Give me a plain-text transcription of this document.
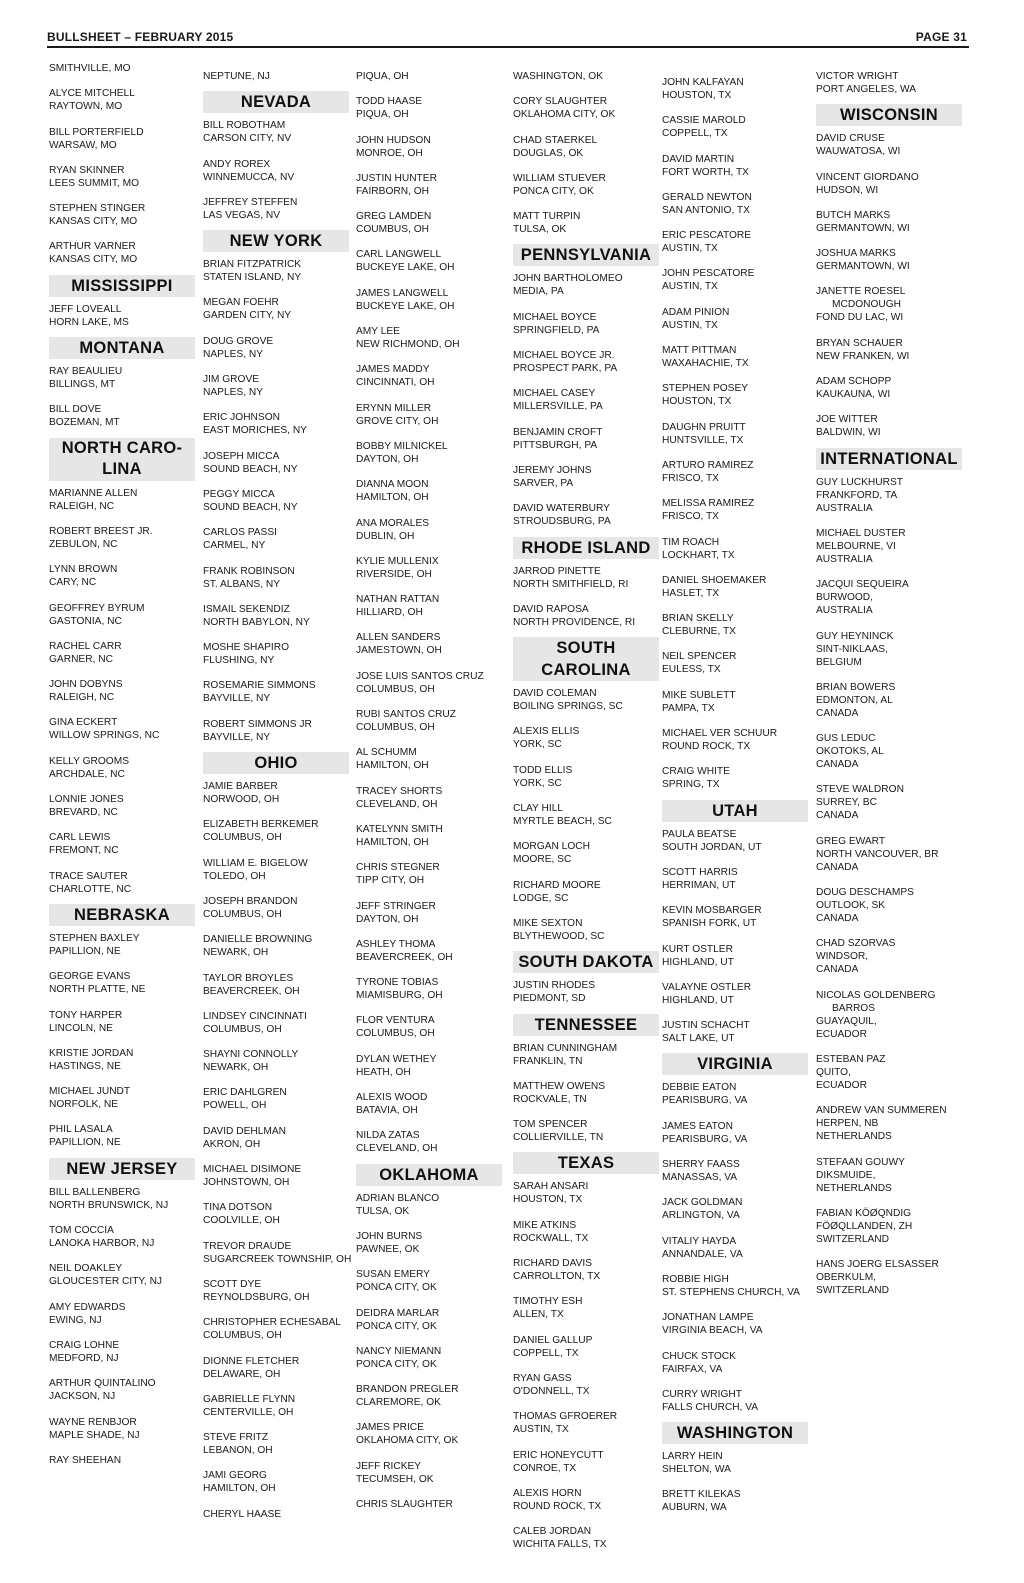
BULLSHEET – FEBRUARY 2015	PAGE 31
SMITHVILLE, MO
ALYCE MITCHELL
RAYTOWN, MO
BILL PORTERFIELD
WARSAW, MO
RYAN SKINNER
LEES SUMMIT, MO
STEPHEN STINGER
KANSAS CITY, MO
ARTHUR VARNER
KANSAS CITY, MO
MISSISSIPPI
JEFF LOVEALL
HORN LAKE, MS
MONTANA
RAY BEAULIEU
BILLINGS, MT
BILL DOVE
BOZEMAN, MT
NORTH CARO-
LINA
MARIANNE ALLEN
RALEIGH, NC
ROBERT BREEST JR.
ZEBULON, NC
LYNN BROWN
CARY, NC
GEOFFREY BYRUM
GASTONIA, NC
RACHEL CARR
GARNER, NC
JOHN DOBYNS
RALEIGH, NC
GINA ECKERT
WILLOW SPRINGS, NC
KELLY GROOMS
ARCHDALE, NC
LONNIE JONES
BREVARD, NC
CARL LEWIS
FREMONT, NC
TRACE SAUTER
CHARLOTTE, NC
NEBRASKA
STEPHEN BAXLEY
PAPILLION, NE
GEORGE EVANS
NORTH PLATTE, NE
TONY HARPER
LINCOLN, NE
KRISTIE JORDAN
HASTINGS, NE
MICHAEL JUNDT
NORFOLK, NE
PHIL LASALA
PAPILLION, NE
NEW JERSEY
BILL BALLENBERG
NORTH BRUNSWICK, NJ
TOM COCCIA
LANOKA HARBOR, NJ
NEIL DOAKLEY
GLOUCESTER CITY, NJ
AMY EDWARDS
EWING, NJ
CRAIG LOHNE
MEDFORD, NJ
ARTHUR QUINTALINO
JACKSON, NJ
WAYNE RENBJOR
MAPLE SHADE, NJ
RAY SHEEHAN
NEPTUNE, NJ
NEVADA
BILL ROBOTHAM
CARSON CITY, NV
ANDY ROREX
WINNEMUCCA, NV
JEFFREY STEFFEN
LAS VEGAS, NV
NEW YORK
BRIAN FITZPATRICK
STATEN ISLAND, NY
MEGAN FOEHR
GARDEN CITY, NY
DOUG GROVE
NAPLES, NY
JIM GROVE
NAPLES, NY
ERIC JOHNSON
EAST MORICHES, NY
JOSEPH MICCA
SOUND BEACH, NY
PEGGY MICCA
SOUND BEACH, NY
CARLOS PASSI
CARMEL, NY
FRANK ROBINSON
ST. ALBANS, NY
ISMAIL SEKENDIZ
NORTH BABYLON, NY
MOSHE SHAPIRO
FLUSHING, NY
ROSEMARIE SIMMONS
BAYVILLE, NY
ROBERT SIMMONS JR
BAYVILLE, NY
OHIO
JAMIE BARBER
NORWOOD, OH
ELIZABETH BERKEMER
COLUMBUS, OH
WILLIAM E. BIGELOW
TOLEDO, OH
JOSEPH BRANDON
COLUMBUS, OH
DANIELLE BROWNING
NEWARK, OH
TAYLOR BROYLES
BEAVERCREEK, OH
LINDSEY CINCINNATI
COLUMBUS, OH
SHAYNI CONNOLLY
NEWARK, OH
ERIC DAHLGREN
POWELL, OH
DAVID DEHLMAN
AKRON, OH
MICHAEL DISIMONE
JOHNSTOWN, OH
TINA DOTSON
COOLVILLE, OH
TREVOR DRAUDE
SUGARCREEK TOWNSHIP, OH
SCOTT DYE
REYNOLDSBURG, OH
CHRISTOPHER ECHESABAL
COLUMBUS, OH
DIONNE FLETCHER
DELAWARE, OH
GABRIELLE FLYNN
CENTERVILLE, OH
STEVE FRITZ
LEBANON, OH
JAMI GEORG
HAMILTON, OH
CHERYL HAASE
PIQUA, OH
TODD HAASE
PIQUA, OH
JOHN HUDSON
MONROE, OH
JUSTIN HUNTER
FAIRBORN, OH
GREG LAMDEN
COUMBUS, OH
CARL LANGWELL
BUCKEYE LAKE, OH
JAMES LANGWELL
BUCKEYE LAKE, OH
AMY LEE
NEW RICHMOND, OH
JAMES MADDY
CINCINNATI, OH
ERYNN MILLER
GROVE CITY, OH
BOBBY MILNICKEL
DAYTON, OH
DIANNA MOON
HAMILTON, OH
ANA MORALES
DUBLIN, OH
KYLIE MULLENIX
RIVERSIDE, OH
NATHAN RATTAN
HILLIARD, OH
ALLEN SANDERS
JAMESTOWN, OH
JOSE LUIS SANTOS CRUZ
COLUMBUS, OH
RUBI SANTOS CRUZ
COLUMBUS, OH
AL SCHUMM
HAMILTON, OH
TRACEY SHORTS
CLEVELAND, OH
KATELYNN SMITH
HAMILTON, OH
CHRIS STEGNER
TIPP CITY, OH
JEFF STRINGER
DAYTON, OH
ASHLEY THOMA
BEAVERCREEK, OH
TYRONE TOBIAS
MIAMISBURG, OH
FLOR VENTURA
COLUMBUS, OH
DYLAN WETHEY
HEATH, OH
ALEXIS WOOD
BATAVIA, OH
NILDA ZATAS
CLEVELAND, OH
OKLAHOMA
ADRIAN BLANCO
TULSA, OK
JOHN BURNS
PAWNEE, OK
SUSAN EMERY
PONCA CITY, OK
DEIDRA MARLAR
PONCA CITY, OK
NANCY NIEMANN
PONCA CITY, OK
BRANDON PREGLER
CLAREMORE, OK
JAMES PRICE
OKLAHOMA CITY, OK
JEFF RICKEY
TECUMSEH, OK
CHRIS SLAUGHTER
WASHINGTON, OK
CORY SLAUGHTER
OKLAHOMA CITY, OK
CHAD STAERKEL
DOUGLAS, OK
WILLIAM STUEVER
PONCA CITY, OK
MATT TURPIN
TULSA, OK
PENNSYLVANIA
JOHN BARTHOLOMEO
MEDIA, PA
MICHAEL BOYCE
SPRINGFIELD, PA
MICHAEL BOYCE JR.
PROSPECT PARK, PA
MICHAEL CASEY
MILLERSVILLE, PA
BENJAMIN CROFT
PITTSBURGH, PA
JEREMY JOHNS
SARVER, PA
DAVID WATERBURY
STROUDSBURG, PA
RHODE ISLAND
JARROD PINETTE
NORTH SMITHFIELD, RI
DAVID RAPOSA
NORTH PROVIDENCE, RI
SOUTH CAROLINA
DAVID COLEMAN
BOILING SPRINGS, SC
ALEXIS ELLIS
YORK, SC
TODD ELLIS
YORK, SC
CLAY HILL
MYRTLE BEACH, SC
MORGAN LOCH
MOORE, SC
RICHARD MOORE
LODGE, SC
MIKE SEXTON
BLYTHEWOOD, SC
SOUTH DAKOTA
JUSTIN RHODES
PIEDMONT, SD
TENNESSEE
BRIAN CUNNINGHAM
FRANKLIN, TN
MATTHEW OWENS
ROCKVALE, TN
TOM SPENCER
COLLIERVILLE, TN
TEXAS
SARAH ANSARI
HOUSTON, TX
MIKE ATKINS
ROCKWALL, TX
RICHARD DAVIS
CARROLLTON, TX
TIMOTHY ESH
ALLEN, TX
DANIEL GALLUP
COPPELL, TX
RYAN GASS
O'DONNELL, TX
THOMAS GFROERER
AUSTIN, TX
ERIC HONEYCUTT
CONROE, TX
ALEXIS HORN
ROUND ROCK, TX
CALEB JORDAN
WICHITA FALLS, TX
JOHN KALFAYAN
HOUSTON, TX
CASSIE MAROLD
COPPELL, TX
DAVID MARTIN
FORT WORTH, TX
GERALD NEWTON
SAN ANTONIO, TX
ERIC PESCATORE
AUSTIN, TX
JOHN PESCATORE
AUSTIN, TX
ADAM PINION
AUSTIN, TX
MATT PITTMAN
WAXAHACHIE, TX
STEPHEN POSEY
HOUSTON, TX
DAUGHN PRUITT
HUNTSVILLE, TX
ARTURO RAMIREZ
FRISCO, TX
MELISSA RAMIREZ
FRISCO, TX
TIM ROACH
LOCKHART, TX
DANIEL SHOEMAKER
HASLET, TX
BRIAN SKELLY
CLEBURNE, TX
NEIL SPENCER
EULESS, TX
MIKE SUBLETT
PAMPA, TX
MICHAEL VER SCHUUR
ROUND ROCK, TX
CRAIG WHITE
SPRING, TX
UTAH
PAULA BEATSE
SOUTH JORDAN, UT
SCOTT HARRIS
HERRIMAN, UT
KEVIN MOSBARGER
SPANISH FORK, UT
KURT OSTLER
HIGHLAND, UT
VALAYNE OSTLER
HIGHLAND, UT
JUSTIN SCHACHT
SALT LAKE, UT
VIRGINIA
DEBBIE EATON
PEARISBURG, VA
JAMES EATON
PEARISBURG, VA
SHERRY FAASS
MANASSAS, VA
JACK GOLDMAN
ARLINGTON, VA
VITALIY HAYDA
ANNANDALE, VA
ROBBIE HIGH
ST. STEPHENS CHURCH, VA
JONATHAN LAMPE
VIRGINIA BEACH, VA
CHUCK STOCK
FAIRFAX, VA
CURRY WRIGHT
FALLS CHURCH, VA
WASHINGTON
LARRY HEIN
SHELTON, WA
BRETT KILEKAS
AUBURN, WA
VICTOR WRIGHT
PORT ANGELES, WA
WISCONSIN
DAVID CRUSE
WAUWATOSA, WI
VINCENT GIORDANO
HUDSON, WI
BUTCH MARKS
GERMANTOWN, WI
JOSHUA MARKS
GERMANTOWN, WI
JANETTE ROESEL
MCDONOUGH
FOND DU LAC, WI
BRYAN SCHAUER
NEW FRANKEN, WI
ADAM SCHOPP
KAUKAUNA, WI
JOE WITTER
BALDWIN, WI
INTERNATIONAL
GUY LUCKHURST
FRANKFORD, TA
AUSTRALIA
MICHAEL DUSTER
MELBOURNE, VI
AUSTRALIA
JACQUI SEQUEIRA
BURWOOD,
AUSTRALIA
GUY HEYNINCK
SINT-NIKLAAS,
BELGIUM
BRIAN BOWERS
EDMONTON, AL
CANADA
GUS LEDUC
OKOTOKS, AL
CANADA
STEVE WALDRON
SURREY, BC
CANADA
GREG EWART
NORTH VANCOUVER, BR
CANADA
DOUG DESCHAMPS
OUTLOOK, SK
CANADA
CHAD SZORVAS
WINDSOR,
CANADA
NICOLAS GOLDENBERG
BARROS
GUAYAQUIL,
ECUADOR
ESTEBAN PAZ
QUITO,
ECUADOR
ANDREW VAN SUMMEREN
HERPEN, NB
NETHERLANDS
STEFAAN GOUWY
DIKSMUIDE,
NETHERLANDS
FABIAN KÖØQNDIG
FÖØQLLANDEN, ZH
SWITZERLAND
HANS JOERG ELSASSER
OBERKULM,
SWITZERLAND
